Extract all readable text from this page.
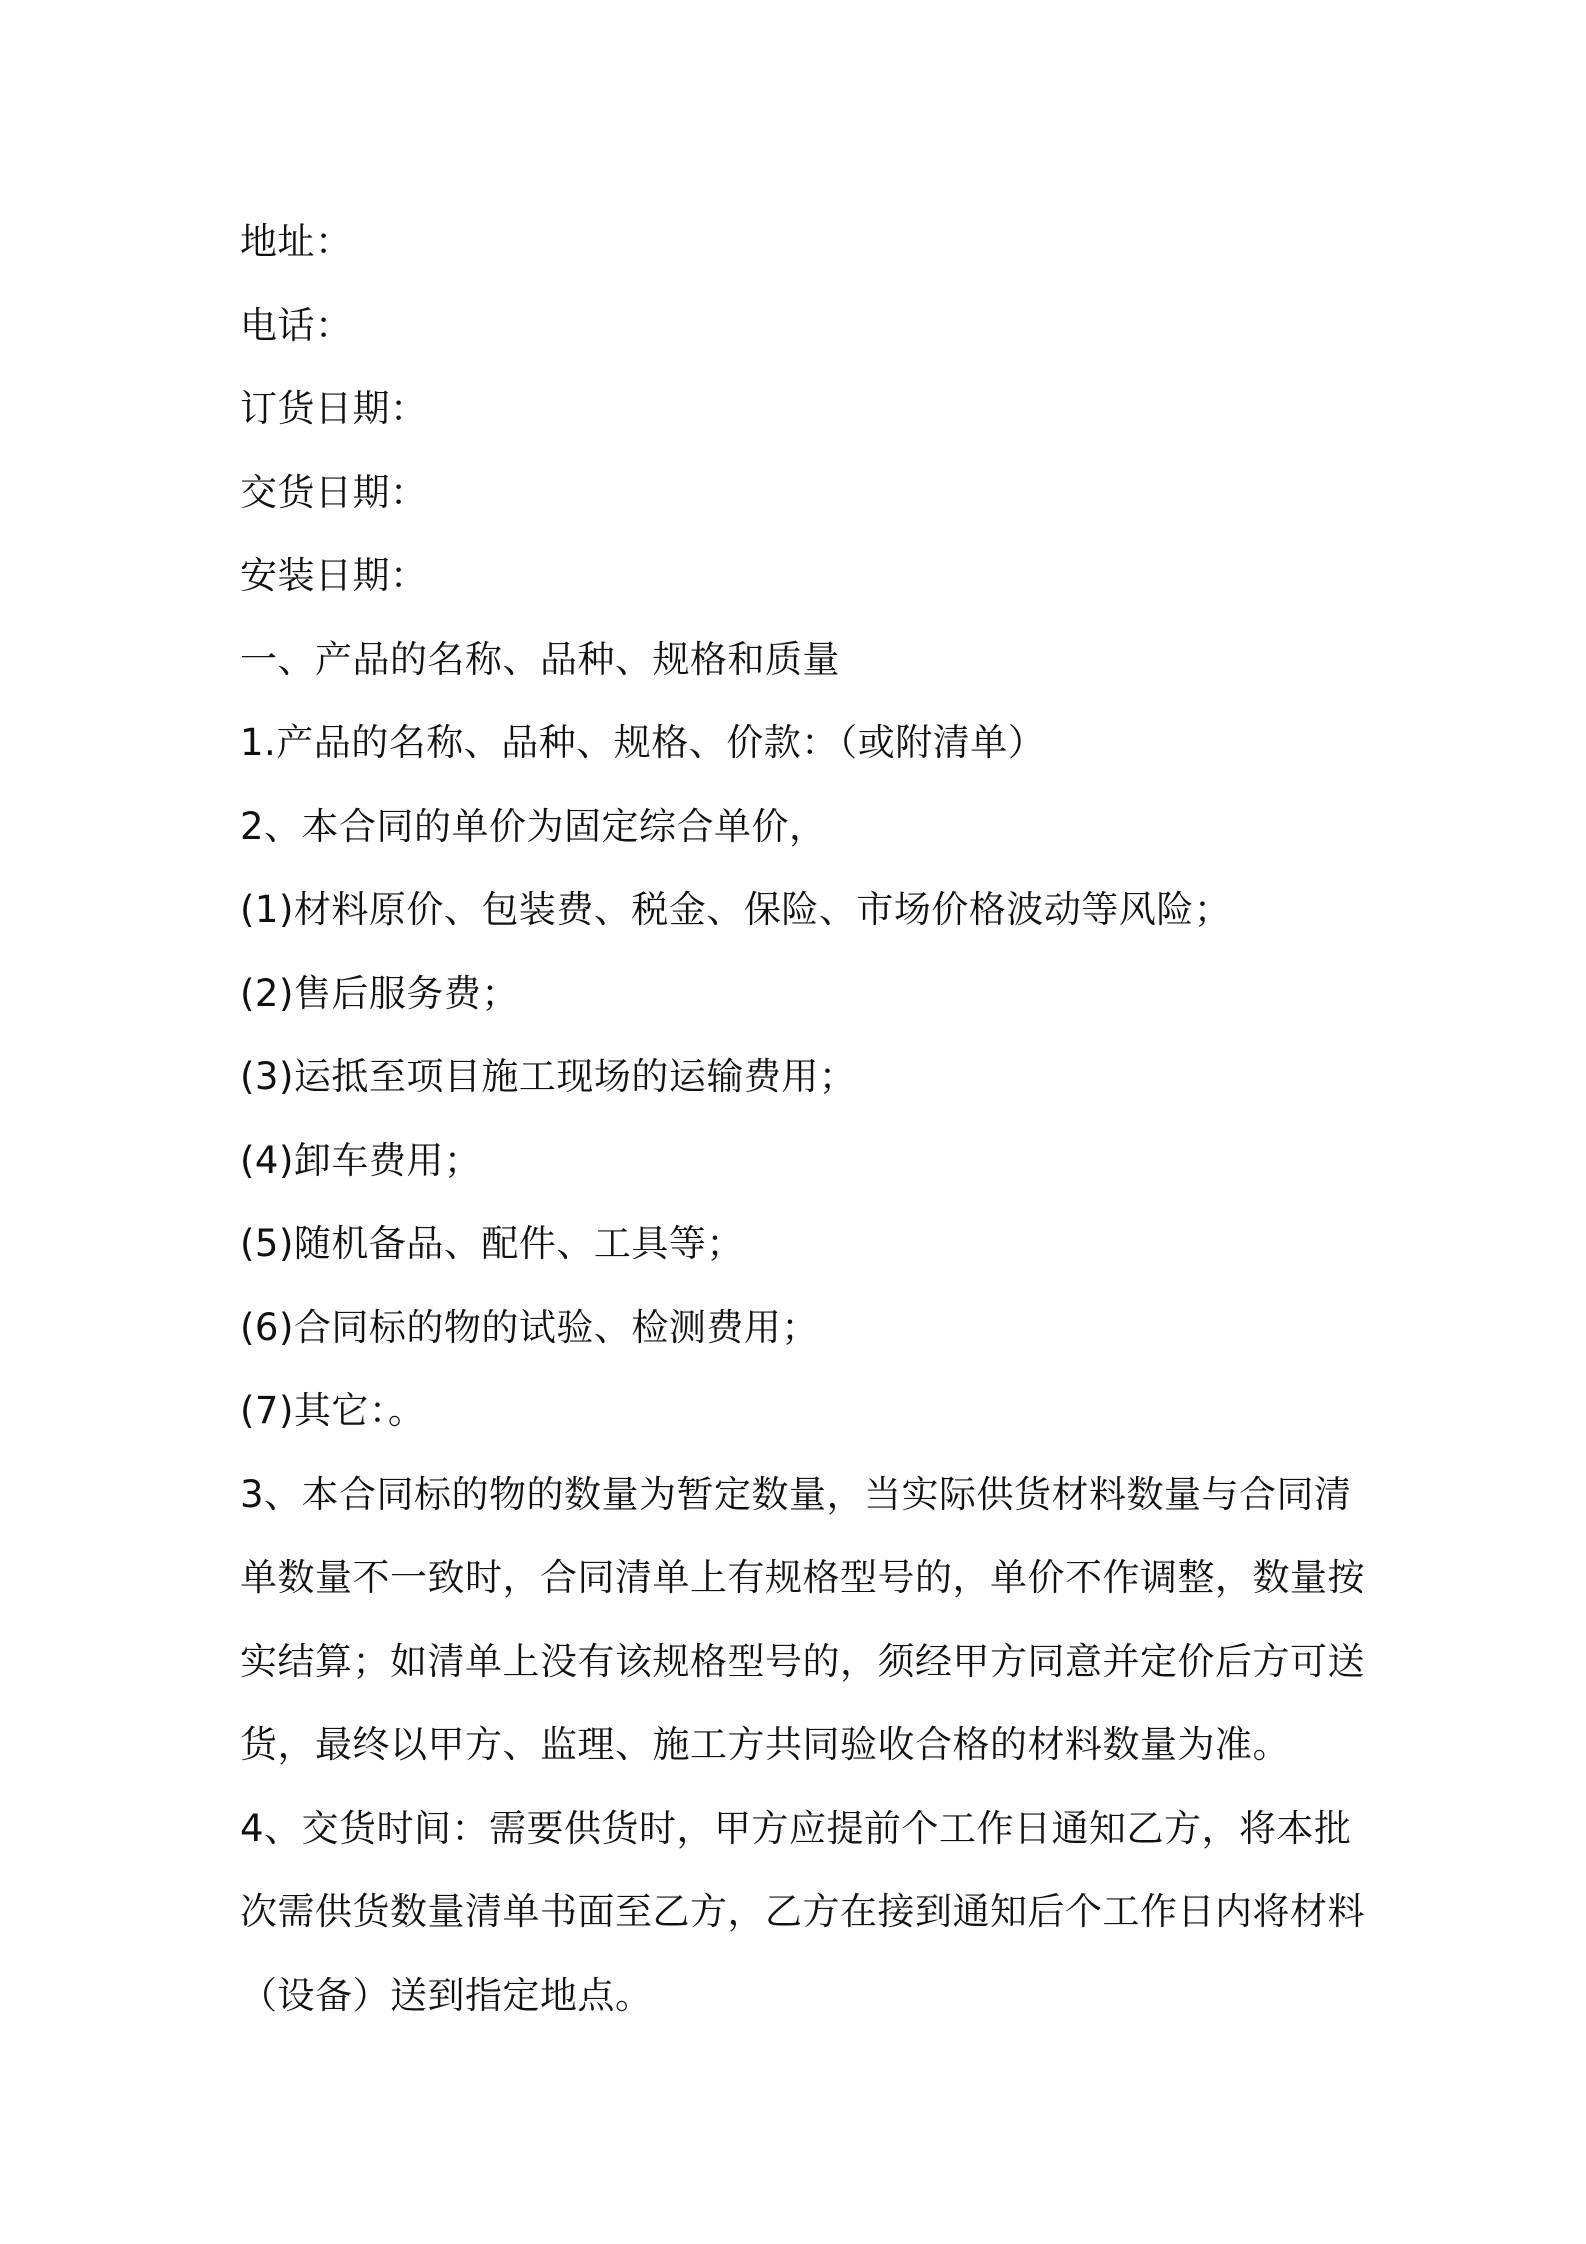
地址：
电话：
订货日期：
交货日期：
安装日期：
一、产品的名称、品种、规格和质量
1.产品的名称、品种、规格、价款：（或附清单）
2、本合同的单价为固定综合单价，
(1)材料原价、包装费、税金、保险、市场价格波动等风险；
(2)售后服务费；
(3)运抵至项目施工现场的运输费用；
(4)卸车费用；
(5)随机备品、配件、工具等；
(6)合同标的物的试验、检测费用；
(7)其它：。
3、本合同标的物的数量为暂定数量，当实际供货材料数量与合同清
单数量不一致时，合同清单上有规格型号的，单价不作调整，数量按
实结算；如清单上没有该规格型号的，须经甲方同意并定价后方可送
货，最终以甲方、监理、施工方共同验收合格的材料数量为准。
4、交货时间：需要供货时，甲方应提前个工作日通知乙方，将本批
次需供货数量清单书面至乙方，乙方在接到通知后个工作日内将材料
（设备）送到指定地点。
